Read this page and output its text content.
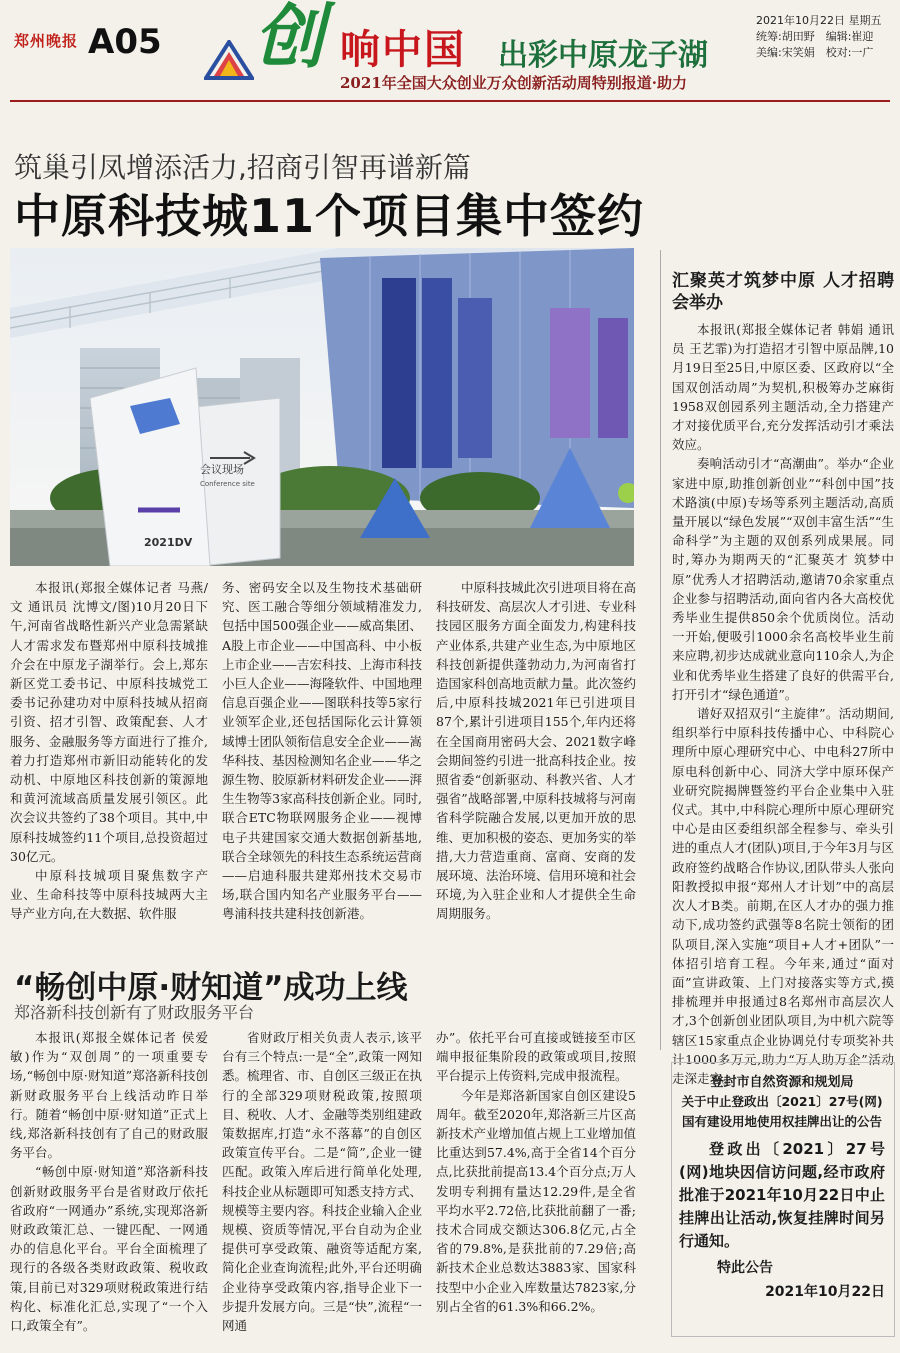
郑州晚报 A05 创 响中国 出彩中原龙子湖
2021年全国大众创业万众创新活动周特别报道·助力
2021年10月22日 星期五
统筹:胡田野　编辑:崔迎
美编:宋笑娟　校对:一广
筑巢引凤增添活力,招商引智再谱新篇
中原科技城11个项目集中签约
会议现场
Conference site
2021DV
汇聚英才筑梦中原 人才招聘会举办

本报讯(郑报全媒体记者 韩娟 通讯员 王艺霏)为打造招才引智中原品牌,10月19日至25日,中原区委、区政府以“全国双创活动周”为契机,积极筹办芝麻街1958双创园系列主题活动,全力搭建产才对接优质平台,充分发挥活动引才乘法效应。

奏响活动引才“高潮曲”。举办“企业家进中原,助推创新创业”“科创中国”技术路演(中原)专场等系列主题活动,高质量开展以“绿色发展”“双创丰富生活”“生命科学”为主题的双创系列成果展。同时,筹办为期两天的“汇聚英才 筑梦中原”优秀人才招聘活动,邀请70余家重点企业参与招聘活动,面向省内各大高校优秀毕业生提供850余个优质岗位。活动一开始,便吸引1000余名高校毕业生前来应聘,初步达成就业意向110余人,为企业和优秀毕业生搭建了良好的供需平台,打开引才“绿色通道”。

谱好双招双引“主旋律”。活动期间,组织举行中原科技传播中心、中科院心理所中原心理研究中心、中电科27所中原电科创新中心、同济大学中原环保产业研究院揭牌暨签约平台企业集中入驻仪式。其中,中科院心理所中原心理研究中心是由区委组织部全程参与、牵头引进的重点人才(团队)项目,于今年3月与区政府签约战略合作协议,团队带头人张向阳教授拟申报“郑州人才计划”中的高层次人才B类。前期,在区人才办的强力推动下,成功签约武强等8名院士领衔的团队项目,深入实施“项目+人才+团队”一体招引培育工程。今年来,通过“面对面”宣讲政策、上门对接落实等方式,摸排梳理并申报通过8名郑州市高层次人才,3个创新创业团队项目,为中机六院等辖区15家重点企业协调兑付专项奖补共计1000多万元,助力“万人助万企”活动走深走实。

本报讯(郑报全媒体记者 马燕/文 通讯员 沈博文/图)10月20日下午,河南省战略性新兴产业急需紧缺人才需求发布暨郑州中原科技城推介会在中原龙子湖举行。会上,郑东新区党工委书记、中原科技城党工委书记孙建功对中原科技城从招商引资、招才引智、政策配套、人才服务、金融服务等方面进行了推介,着力打造郑州市新旧动能转化的发动机、中原地区科技创新的策源地和黄河流域高质量发展引领区。此次会议共签约了38个项目。其中,中原科技城签约11个项目,总投资超过30亿元。

中原科技城项目聚焦数字产业、生命科技等中原科技城两大主导产业方向,在大数据、软件服

务、密码安全以及生物技术基础研究、医工融合等细分领域精准发力,包括中国500强企业——威高集团、A股上市企业——中国高科、中小板上市企业——吉宏科技、上海市科技小巨人企业——海隆软件、中国地理信息百强企业——图联科技等5家行业领军企业,还包括国际化云计算领域博士团队领衔信息安全企业——嵩华科技、基因检测知名企业——华之源生物、胶原新材料研发企业——湃生生物等3家高科技创新企业。同时,联合ETC物联网服务企业——视博电子共建国家交通大数据创新基地,联合全球领先的科技生态系统运营商——启迪科服共建郑州技术交易市场,联合国内知名产业服务平台——粤浦科技共建科技创新港。

中原科技城此次引进项目将在高科技研发、高层次人才引进、专业科技园区服务方面全面发力,构建科技产业体系,共建产业生态,为中原地区科技创新提供蓬勃动力,为河南省打造国家科创高地贡献力量。此次签约后,中原科技城2021年已引进项目87个,累计引进项目155个,年内还将在全国商用密码大会、2021数字峰会期间签约引进一批高科技企业。按照省委“创新驱动、科教兴省、人才强省”战略部署,中原科技城将与河南省科学院融合发展,以更加开放的思维、更加积极的姿态、更加务实的举措,大力营造重商、富商、安商的发展环境、法治环境、信用环境和社会环境,为入驻企业和人才提供全生命周期服务。

“畅创中原·财知道”成功上线
郑洛新科技创新有了财政服务平台

本报讯(郑报全媒体记者 侯爱敏)作为“双创周”的一项重要专场,“畅创中原·财知道”郑洛新科技创新财政服务平台上线活动昨日举行。随着“畅创中原·财知道”正式上线,郑洛新科技创有了自己的财政服务平台。

“畅创中原·财知道”郑洛新科技创新财政服务平台是省财政厅依托省政府“一网通办”系统,实现郑洛新财政政策汇总、一键匹配、一网通办的信息化平台。平台全面梳理了现行的各级各类财政政策、税收政策,目前已对329项财税政策进行结构化、标准化汇总,实现了“一个入口,政策全有”。

省财政厅相关负责人表示,该平台有三个特点:一是“全”,政策一网知悉。梳理省、市、自创区三级正在执行的全部329项财税政策,按照项目、税收、人才、金融等类别组建政策数据库,打造“永不落幕”的自创区政策宣传平台。二是“简”,企业一键匹配。政策入库后进行简单化处理,科技企业从标题即可知悉支持方式、规模等主要内容。科技企业输入企业规模、资质等情况,平台自动为企业提供可享受政策、融资等适配方案,简化企业查询流程;此外,平台还明确企业待享受政策内容,指导企业下一步提升发展方向。三是“快”,流程“一网通

办”。依托平台可直接或链接至市区端申报征集阶段的政策或项目,按照平台提示上传资料,完成申报流程。

今年是郑洛新国家自创区建设5周年。截至2020年,郑洛新三片区高新技术产业增加值占规上工业增加值比重达到57.4%,高于全省14个百分点,比获批前提高13.4个百分点;万人发明专利拥有量达12.29件,是全省平均水平2.72倍,比获批前翻了一番;技术合同成交额达306.8亿元,占全省的79.8%,是获批前的7.29倍;高新技术企业总数达3883家、国家科技型中小企业入库数量达7823家,分别占全省的61.3%和66.2%。

登封市自然资源和规划局
关于中止登政出〔2021〕27号(网)国有建设用地使用权挂牌出让的公告
登政出〔2021〕27号(网)地块因信访问题,经市政府批准于2021年10月22日中止挂牌出让活动,恢复挂牌时间另行通知。
特此公告
2021年10月22日
